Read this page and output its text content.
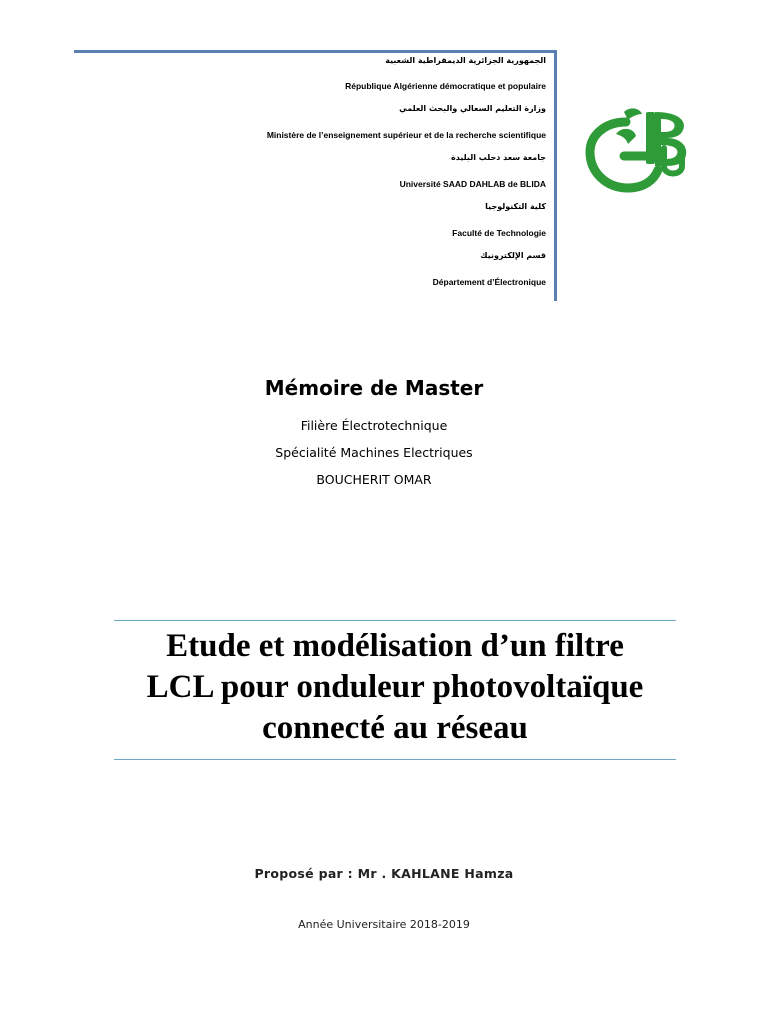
الجمهورية الجزائرية الديمقراطية الشعبية
République Algérienne démocratique et populaire
وزارة التعليم السعالي والبحث العلمي
Ministère de l’enseignement supérieur et de la recherche scientifique
جامعة سعد دحلب البليدة
Université SAAD DAHLAB de BLIDA
كلية التكنولوجيا
Faculté de Technologie
قسم الإلكترونيك
Département d’Électronique
Mémoire de Master
Filière Électrotechnique
Spécialité Machines Electriques
BOUCHERIT OMAR
Etude et modélisation d’un filtre
LCL pour onduleur photovoltaïque
connecté au réseau
Proposé par : Mr . KAHLANE Hamza
Année Universitaire 2018-2019
